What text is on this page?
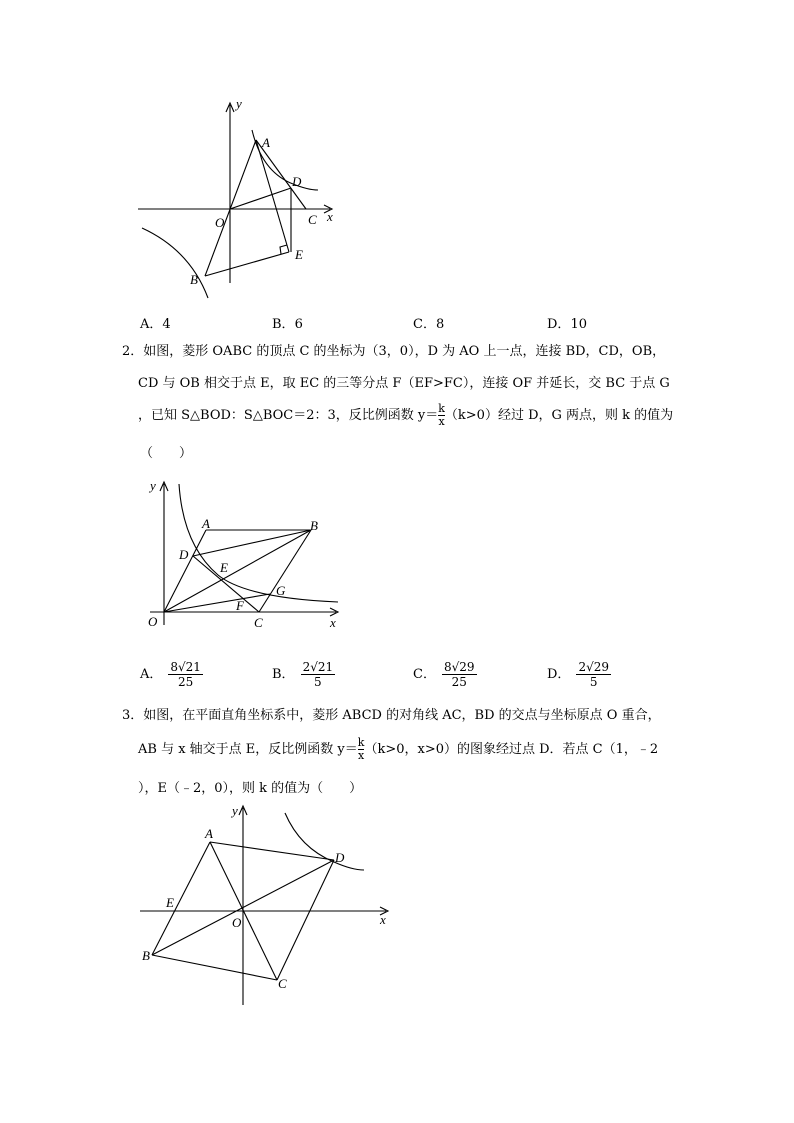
y
A
D
O	C x
E
B
A．4	B．6	C．8	D．10
2．如图，菱形 OABC 的顶点 C 的坐标为（3，0），D 为 AO 上一点，连接 BD，CD，OB，
CD 与 OB 相交于点 E，取 EC 的三等分点 F（EF>FC），连接 OF 并延长，交 BC 于点 G
，已知 S△BOD：S△BOC＝2：3，反比例函数 $y= \frac{k}{x} (k>0)$经过 D，G 两点，则 k 的值为
（　　）
y
A	B
D
E
G
F
O	C	x
A． $\frac{8√21}{25}$	B． $\frac{2√21}{5}$	C． $\frac{8√29}{25}$	D． $\frac{2√29}{5}$
3．如图，在平面直角坐标系中，菱形 ABCD 的对角线 AC，BD 的交点与坐标原点 O 重合，
AB 与 x 轴交于点 E，反比例函数 $y= \frac{k}{x} (k>0$，x>0）的图象经过点 D．若点 C（1，﹣2
），E（﹣2，0），则 k 的值为（　　）
y
A
D
E
O	x
B
C
